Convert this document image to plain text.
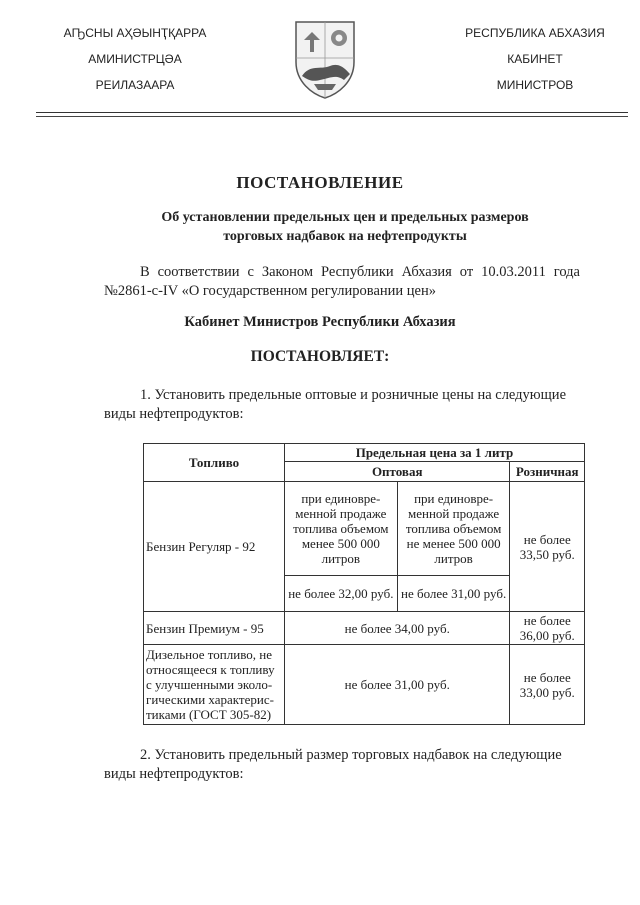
АҦСНЫ АҲӘЫНҬҚАРРА
АМИНИСТРЦӘА
РЕИЛАЗААРА
РЕСПУБЛИКА АБХАЗИЯ
КАБИНЕТ
МИНИСТРОВ
ПОСТАНОВЛЕНИЕ
Об установлении предельных цен и предельных размеров
торговых надбавок на нефтепродукты
В соответствии с Законом Республики Абхазия от 10.03.2011 года №2861-с-IV «О государственном регулировании цен»
Кабинет Министров Республики Абхазия
ПОСТАНОВЛЯЕТ:
1. Установить предельные оптовые и розничные цены на следующие виды нефтепродуктов:
Топливо	Предельная цена за 1 литр		
	Оптовая		Розничная
Бензин Регуляр - 92	при единовре- менной продаже топлива объемом менее 500 000 литров	при единовре- менной продаже топлива объемом не менее 500 000 литров	не более 33,50 руб.
	не более 32,00 руб.	не более 31,00 руб.	
Бензин Премиум - 95	не более 34,00 руб.		не более 36,00 руб.
Дизельное топливо, не относящееся к топливу с улучшенными эколо- гическими характерис- тиками (ГОСТ 305-82)	не более 31,00 руб.		не более 33,00 руб.
2. Установить предельный размер торговых надбавок на следующие виды нефтепродуктов:
